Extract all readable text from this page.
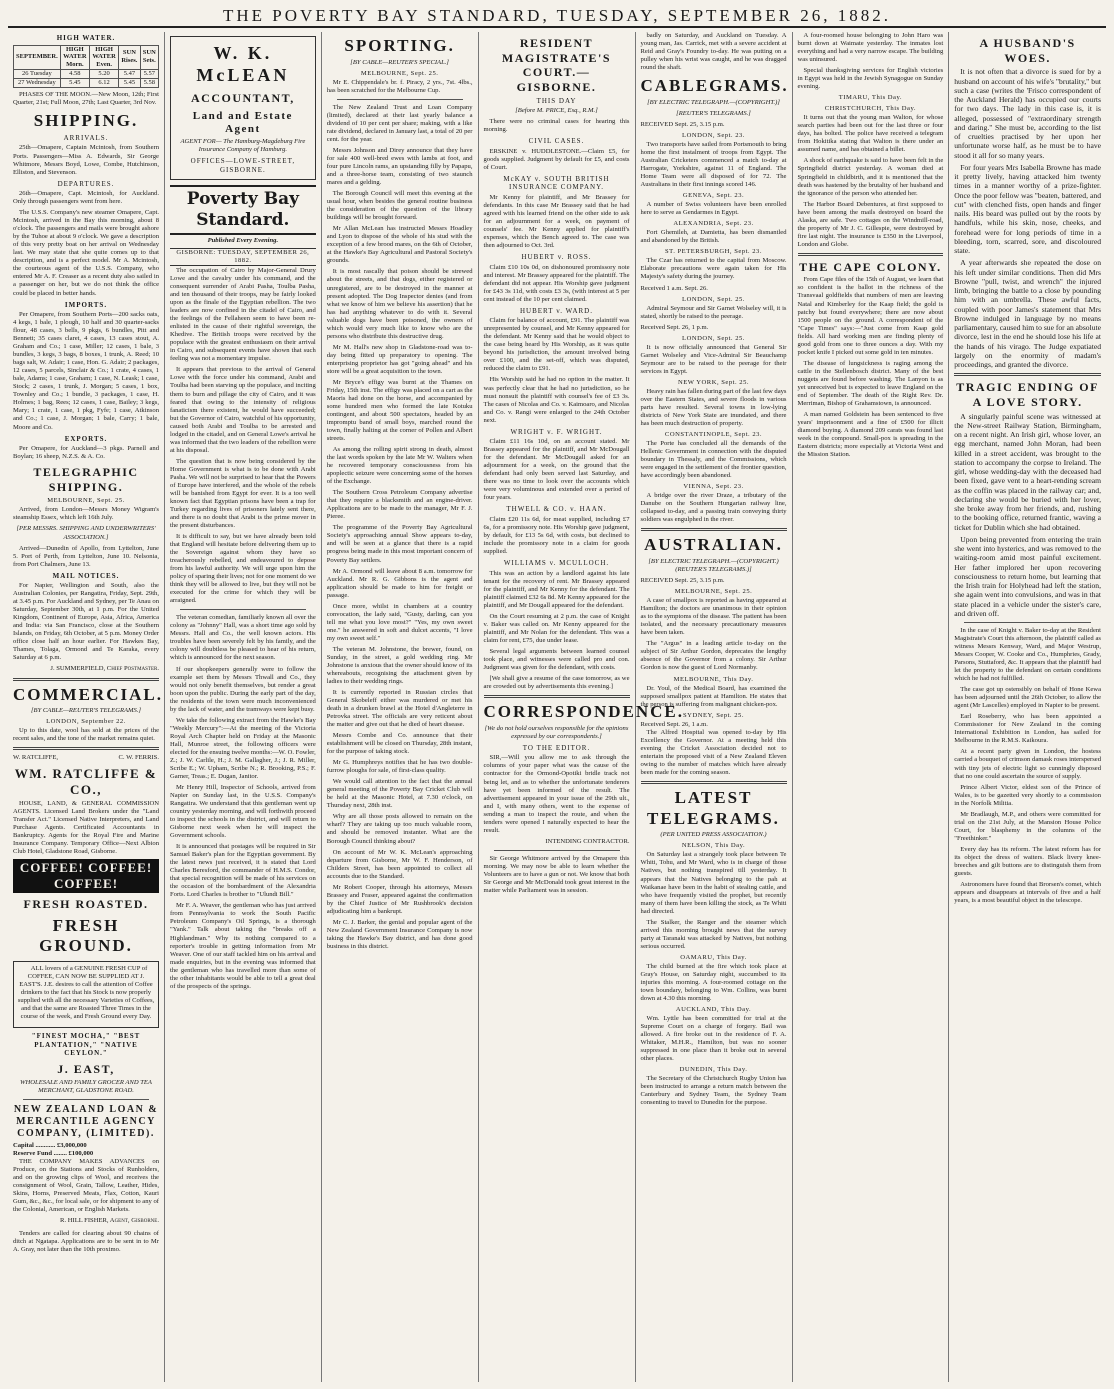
THE POVERTY BAY STANDARD, TUESDAY, SEPTEMBER 26, 1882.
HIGH WATER.
SEPTEMBER.	HIGH WATER Morn.	HIGH WATER Even.	SUN Rises.	SUN Sets.
26 Tuesday	4.58	5.20	5.47	5.57
27 Wednesday	5.45	6.12	5.45	5.58

PHASES OF THE MOON.—New Moon, 12th; First Quarter, 21st; Full Moon, 27th; Last Quarter, 3rd Nov.

SHIPPING.
ARRIVALS.

25th—Omapere, Captain Mcintosh, from Southern Ports. Passengers—Miss A. Edwards, Sir George Whitmore, Messrs Boyd, Lowe, Combe, Hutchinson, Elliston, and Stevenson.

DEPARTURES.

26th—Omapere, Capt. Mcintosh, for Auckland. Only through passengers went from here.

The U.S.S. Company's new steamer Omapere, Capt. Mcintosh, arrived in the Bay this morning, about 8 o'clock. The passengers and mails were brought ashore by the Tuhoe at about 9 o'clock. We gave a description of this very pretty boat on her arrival on Wednesday last. We may state that she quite comes up to that description, and is a perfect model. Mr A. Mcintosh, the courteous agent of the U.S.S. Company, who entered Mr A. F. Creaser as a recent duty also sailed in a passenger on her, but we do not think the office could be placed in better hands.

IMPORTS.

Per Omapere, from Southern Ports—200 sacks oats, 4 kegs, 1 bale, 1 plough, 10 half and 30 quarter-sacks flour, 48 cases, 3 bells, 9 pkgs, 6 bundles, Pitt and Bennett; 35 cases claret, 4 cases, 13 cases stout, A. Graham and Co.; 1 case, Miller; 12 cases, 1 bale, 3 bundles, 3 kegs, 3 bags, 8 boxes, 1 trunk, A. Reed; 10 bags salt, W. Adair; 1 case, Hon. G. Adair; 2 packages, 12 cases, 5 parcels, Sinclair & Co.; 1 crate, 4 cases, 1 bale, Adams; 1 case, Graham; 1 case, N. Leask; 1 case, Stock; 2 cases, 1 trunk, J. Morgan; 5 cases, 1 box, Townley and Co.; 1 bundle, 3 packages, 1 case, H. Holmes; 1 bag, Rees; 12 cases, 1 case, Bailey; 3 kegs, Mary; 1 crate, 1 case, 1 pkg, Fyfe; 1 case, Atkinson and Co.; 1 case, J. Morgan; 1 bale, Carry; 1 bale, Moore and Co.

EXPORTS.

Per Omapere, for Auckland—3 pkgs. Parnell and Boylan; 16 sheep, N.Z.S. & A. Co.

TELEGRAPHIC SHIPPING.
MELBOURNE, Sept. 25.

Arrived, from London—Messrs Money Wigram's steamship Essex, which left 16th July.

[PER MESSRS. SHIPPING AND UNDERWRITERS' ASSOCIATION.]

Arrived—Dunedin of Apollo, from Lyttelton, June 5. Port of Perth, from Lyttelton, June 10. Nelsonia, from Port Chalmers, June 13.

MAIL NOTICES.

For Napier, Wellington and South, also the Australian Colonies, per Rangatira, Friday, Sept. 29th, at 3.45 p.m. For Auckland and Sydney, per Te Anau on Saturday, September 30th, at 1 p.m. For the United Kingdom, Continent of Europe, Asia, Africa, America and India: via San Francisco, close at the Southern Islands, on Friday, 6th October, at 5 p.m. Money Order office close half an hour earlier. For Hawkes Bay, Thames, Tolaga, Ormond and Te Karaka, every Saturday at 6 p.m.

J. SUMMERFIELD, Chief Postmaster.
COMMERCIAL.
[BY CABLE—REUTER'S TELEGRAMS.]
LONDON, September 22.

Up to this date, wool has sold at the prices of the recent sales, and the tone of the market remains quiet.

W. RATCLIFFE,	C. W. FERRIS.
WM. RATCLIFFE & CO.,

HOUSE, LAND, & GENERAL COMMISSION AGENTS. Licensed Land Brokers under the "Land Transfer Act." Licensed Native Interpreters, and Land Purchase Agents. Certificated Accountants in Bankruptcy. Agents for the Royal Fire and Marine Insurance Company. Temporary Office—Next Albion Club Hotel, Gladstone Road, Gisborne.

COFFEE! COFFEE! COFFEE!
FRESH ROASTED.
FRESH GROUND.

ALL lovers of a GENUINE FRESH CUP of COFFEE, CAN NOW BE SUPPLIED AT J. EAST'S. J.E. desires to call the attention of Coffee drinkers to the fact that his Stock is now properly supplied with all the necessary Varieties of Coffees, and that the same are Roasted Three Times in the course of the week, and Fresh Ground every Day.

"FINEST MOCHA," "BEST PLANTATION," "NATIVE CEYLON."
J. EAST,
WHOLESALE AND FAMILY GROCER AND TEA MERCHANT, GLADSTONE ROAD.
NEW ZEALAND LOAN & MERCANTILE AGENCY COMPANY, (LIMITED).
Capital ............ £3,000,000
Reserve Fund ........ £100,000

THE COMPANY MAKES ADVANCES on Produce, on the Stations and Stocks of Runholders, and on the growing clips of Wool, and receives the consignment of Wool, Grain, Tallow, Leather, Hides, Skins, Horns, Preserved Meats, Flax, Cotton, Kauri Gum, &c., &c., for local sale, or for shipment to any of the Colonial, American, or English Markets.

R. HILL FISHER, Agent, Gisborne.

Tenders are called for clearing about 90 chains of ditch at Ngatapa. Applications are to be sent in to Mr A. Gray, not later than the 10th proximo.

W. K. McLEAN
ACCOUNTANT,
Land and Estate Agent
AGENT FOR— The Hamburg-Magdeburg Fire Insurance Company of Hamburg.
OFFICES—LOWE-STREET, GISBORNE.
Poverty Bay Standard.
Published Every Evening.
GISBORNE: TUESDAY, SEPTEMBER 26, 1882.

The occupation of Cairo by Major-General Drury Lowe and the cavalry under his command, and the consequent surrender of Arabi Pasha, Toulba Pasha, and ten thousand of their troops, may be fairly looked upon as the finale of the Egyptian rebellion. The two leaders are now confined in the citadel of Cairo, and the feelings of the Fellaheen seem to have been re-enlisted in the cause of their rightful sovereign, the Khedive. The British troops were received by the populace with the greatest enthusiasm on their arrival in Cairo, and subsequent events have shown that such feeling was not a momentary impulse.

It appears that previous to the arrival of General Lowe with the force under his command, Arabi and Toulba had been starving up the populace, and inciting them to burn and pillage the city of Cairo, and it was feared that owing to the intensity of religious fanaticism there existent, he would have succeeded; but the Governor of Cairo, watchful of his opportunity, caused both Arabi and Toulba to be arrested and lodged in the citadel, and on General Lowe's arrival he was informed that the two leaders of the rebellion were at his disposal.

The question that is now being considered by the Home Government is what is to be done with Arabi Pasha. We will not be surprised to hear that the Powers of Europe have interfered, and the whole of the rebels will be banished from Egypt for ever. It is a too well known fact that Egyptian prisons have been a trap for Turkey regarding lives of prisoners lately sent there, and there is no doubt that Arabi is the prime mover in the present disturbances.

It is difficult to say, but we have already been told that England will hesitate before delivering them up to the Sovereign against whom they have so treacherously rebelled, and endeavoured to depose from his lawful authority. We will urge upon him the policy of sparing their lives; not for one moment do we think they will be allowed to live, but they will not be executed for the crime for which they will be arraigned.

The veteran comedian, familiarly known all over the colony as "Johnny" Hall, was a short time ago sold by Messrs. Hall and Co., the well known actors. His troubles have been severely felt by his family, and the colony will doubtless be pleased to hear of his return, which is announced for the next season.

If our shopkeepers generally were to follow the example set them by Messrs Thwall and Co., they would not only benefit themselves, but render a great boon upon the public. During the early part of the day, the residents of the town were much inconvenienced by the lack of water, and the tramways were kept busy.

We take the following extract from the Hawke's Bay "Weekly Mercury":—At the meeting of the Victoria Royal Arch Chapter held on Friday at the Masonic Hall, Munroe street, the following officers were elected for the ensuing twelve months:—W. O. Fowler, Z.; J. W. Carlile, H.; J. M. Gallagher, J.; J. R. Miller, Scribe E.; W. Upham, Scribe N.; R. Brooking, P.S.; F. Garner, Treas.; E. Dugan, Janitor.

Mr Henry Hill, Inspector of Schools, arrived from Napier on Sunday last, in the U.S.S. Company's Rangatira. We understand that this gentleman went up country yesterday morning, and will forthwith proceed to inspect the schools in the district, and will return to Gisborne next week when he will inspect the Government schools.

It is announced that postages will be required in Sir Samuel Baker's plan for the Egyptian government. By the latest news just received, it is stated that Lord Charles Beresford, the commander of H.M.S. Condor, that special recognition will be made of his services on the occasion of the bombardment of the Alexandria Forts. Lord Charles is brother to "Ulundi Bill."

Mr F. A. Weaver, the gentleman who has just arrived from Pennsylvania to work the South Pacific Petroleum Company's Oil Springs, is a thorough "Yank." Talk about taking the "breaks off a Highlandman." Why its nothing compared to a reporter's trouble in getting information from Mr Weaver. One of our staff tackled him on his arrival and made enquiries, but in the evening was informed that the gentleman who has travelled more than some of the other inhabitants would be able to tell a great deal of the prospects of the springs.

SPORTING.
[BY CABLE—REUTER'S SPECIAL.]
MELBOURNE, Sept. 25.

Mr E. Chippendale's br. f. Piracy, 2 yrs., 7st. 4lbs., has been scratched for the Melbourne Cup.

The New Zealand Trust and Loan Company (limited), declared at their last yearly balance a dividend of 10 per cent per share; making, with a like rate dividend, declared in January last, a total of 20 per cent. for the year.

Messrs Johnson and Direy announce that they have for sale 400 well-bred ewes with lambs at foot, and four pure Lincoln rams, an upstanding filly by Papapu, and a three-horse team, consisting of two staunch mares and a gelding.

The Borough Council will meet this evening at the usual hour, when besides the general routine business the consideration of the question of the library buildings will be brought forward.

Mr Allan McLean has instructed Messrs Hoadley and Lyon to dispose of the whole of his stud with the exception of a few brood mares, on the 6th of October, at the Hawke's Bay Agricultural and Pastoral Society's grounds.

It is most rascally that poison should be strewed about the streets, and that dogs, either registered or unregistered, are to be destroyed in the manner at present adopted. The Dog Inspector denies (and from what we know of him we believe his assertion) that he has had anything whatever to do with it. Several valuable dogs have been poisoned, the owners of which would very much like to know who are the persons who distribute this destructive drug.

Mr M. Hall's new shop in Gladstone-road was to-day being fitted up preparatory to opening. The enterprising proprietor has got "going ahead" and his store will be a great acquisition to the town.

Mr Bryce's effigy was burnt at the Thames on Friday, 15th inst. The effigy was placed on a cart as the Maoris had done on the horse, and accompanied by some hundred men who formed the late Kotuku contingent, and about 500 spectators, headed by an impromptu band of small boys, marched round the town, finally halting at the corner of Pollen and Albert streets.

As among the rolling spirit strong in death, almost the last words spoken by the late Mr W. Walters when he recovered temporary consciousness from his apoplectic seizure were concerning some of the horses of the Exchange.

The Southern Cross Petroleum Company advertise that they require a blacksmith and an engine-driver. Applications are to be made to the manager, Mr F. J. Pieree.

The programme of the Poverty Bay Agricultural Society's approaching annual Show appears to-day, and will be seen at a glance that there is a rapid progress being made in this most important concern of Poverty Bay settlers.

Mr A. Ormond will leave about 8 a.m. tomorrow for Auckland. Mr R. G. Gibbons is the agent and application should be made to him for freight or passage.

Once more, whilst in chambers at a country convocation, the lady said, "Gusty, darling, can you tell me what you love most?" "Yes, my own sweet one." he answered in soft and dulcet accents, "I love my own sweet self."

The veteran M. Johnstone, the brewer, found, on Sunday, in the street, a gold wedding ring. Mr Johnstone is anxious that the owner should know of its whereabouts, recognising the attachment given by ladies to their wedding rings.

It is currently reported in Russian circles that General Skobeleff either was murdered or met his death in a drunken brawl at the Hotel d'Angleterre in Petrovka street. The officials are very reticent about the matter and give out that he died of heart disease.

Messrs Combe and Co. announce that their establishment will be closed on Thursday, 28th instant, for the purpose of taking stock.

Mr G. Humphreys notifies that he has two double-furrow ploughs for sale, of first-class quality.

We would call attention to the fact that the annual general meeting of the Poverty Bay Cricket Club will be held at the Masonic Hotel, at 7.30 o'clock, on Thursday next, 28th inst.

Why are all those posts allowed to remain on the wharf? They are taking up too much valuable room, and should be removed instanter. What are the Borough Council thinking about?

On account of Mr W. K. McLean's approaching departure from Gisborne, Mr W. F. Henderson, of Childers Street, has been appointed to collect all accounts due to the Standard.

Mr Robert Cooper, through his attorneys, Messrs Brassey and Fraser, appeared against the confirmation by the Chief Justice of Mr Rushbrook's decision adjudicating him a bankrupt.

Mr C. J. Barker, the genial and popular agent of the New Zealand Government Insurance Company is now taking the Hawke's Bay district, and has done good business in this district.

RESIDENT MAGISTRATE'S COURT.—GISBORNE.
THIS DAY
[Before M. PRICE, Esq., R.M.]

There were no criminal cases for hearing this morning.

CIVIL CASES.

ERSKINE v. HUDDLESTONE.—Claim £5, for goods supplied. Judgment by default for £5, and costs of Court.

McKAY v. SOUTH BRITISH INSURANCE COMPANY.

Mr Kenny for plaintiff, and Mr Brassey for defendants. In this case Mr Brassey said that he had agreed with his learned friend on the other side to ask for an adjournment for a week, on payment of counsels' fee. Mr Kenny applied for plaintiff's expenses, which the Bench agreed to. The case was then adjourned to Oct. 3rd.

HUBERT v. ROSS.

Claim £10 10s 0d, on dishonoured promissory note and interest. Mr Brassey appeared for the plaintiff. The defendant did not appear. His Worship gave judgment for £43 3s 11d, with costs £3 3s, (with interest at 5 per cent instead of the 10 per cent claimed.

HUBERT v. WARD.

Claim for balance of account, £91. The plaintiff was unrepresented by counsel, and Mr Kenny appeared for the defendant. Mr Kenny said that he would object to the case being heard by His Worship, as it was quite beyond his jurisdiction, the amount involved being over £100, and the set-off, which was disputed, reduced the claim to £91.

His Worship said he had no option in the matter. It was perfectly clear that he had no jurisdiction, so he must nonsuit the plaintiff with counsel's fee of £3 3s. The cases of Nicolas and Co. v. Kaimoaro, and Nicolas and Co. v. Rangi were enlarged to the 24th October next.

WRIGHT v. F. WRIGHT.

Claim £11 16s 10d, on an account stated. Mr Brassey appeared for the plaintiff, and Mr McDougall for the defendant. Mr McDougall asked for an adjournment for a week, on the ground that the defendant had only been served last Saturday, and there was no time to look over the accounts which were very voluminous and extended over a period of four years.

THWELL & CO. v. HAAN.

Claim £20 11s 6d, for meat supplied, including £7 6s, for a promissory note. His Worship gave judgment, by default, for £13 5s 6d, with costs, but declined to include the promissory note in a claim for goods supplied.

WILLIAMS v. MCULLOCH.

This was an action by a landlord against his late tenant for the recovery of rent. Mr Brassey appeared for the plaintiff, and Mr Kenny for the defendant. The plaintiff claimed £32 6s 8d. Mr Kenny appeared for the plaintiff, and Mr Dougall appeared for the defendant.

On the Court resuming at 2 p.m. the case of Knight v. Baker was called on. Mr Kenny appeared for the plaintiff, and Mr Nolan for the defendant. This was a claim for rent, £75, due under lease.

Several legal arguments between learned counsel took place, and witnesses were called pro and con. Judgment was given for the defendant, with costs.

[We shall give a resume of the case tomorrow, as we are crowded out by advertisements this evening.]

CORRESPONDENCE.
[We do not hold ourselves responsible for the opinions expressed by our correspondents.]
TO THE EDITOR.

SIR,—Will you allow me to ask through the columns of your paper what was the cause of the contractor for the Ormond-Opotiki bridle track not being let, and as to whether the unfortunate tenderers have yet been informed of the result. The advertisement appeared in your issue of the 29th ult., and I, with many others, went to the expense of sending a man to inspect the route, and when the tenders were opened I naturally expected to hear the result.

INTENDING CONTRACTOR.

Sir George Whitmore arrived by the Omapere this morning. We may now be able to learn whether the Volunteers are to have a gun or not. We know that both Sir George and Mr McDonald took great interest in the matter while Parliament was in session.

badly on Saturday, and Auckland on Tuesday. A young man, Jas. Carrick, met with a severe accident at Reid and Gray's Foundry to-day. He was putting on a pulley when his wrist was caught, and he was dragged round the shaft.

CABLEGRAMS.
[BY ELECTRIC TELEGRAPH.—(COPYRIGHT.)]
[REUTER'S TELEGRAMS.]
RECEIVED Sept. 25, 3.15 p.m.
LONDON, Sept. 23.

Two transports have sailed from Portsmouth to bring home the first instalment of troops from Egypt. The Australian Cricketers commenced a match to-day at Harrogate, Yorkshire, against 11 of England. The Home Team were all disposed of for 72. The Australians in their first innings scored 146.

GENEVA, Sept. 23.

A number of Swiss volunteers have been enrolled here to serve as Gendarmes in Egypt.

ALEXANDRIA, Sept. 23.

Fort Ghemileh, at Damietta, has been dismantled and abandoned by the British.

ST. PETERSBURGH, Sept. 23.

The Czar has returned to the capital from Moscow. Elaborate precautions were again taken for His Majesty's safety during the journey.

Received 1 a.m. Sept. 26.
LONDON, Sept. 25.

Admiral Seymour and Sir Garnet Wolseley will, it is stated, shortly be raised to the peerage.

Received Sept. 26, 1 p.m.
LONDON, Sept. 25.

It is now officially announced that General Sir Garnet Wolseley and Vice-Admiral Sir Beauchamp Seymour are to be raised to the peerage for their services in Egypt.

NEW YORK, Sept. 25.

Heavy rain has fallen during part of the last few days over the Eastern States, and severe floods in various parts have resulted. Several towns in low-lying districts of New York State are inundated, and there has been much destruction of property.

CONSTANTINOPLE, Sept. 23.

The Porte has concluded all the demands of the Hellenic Government in connection with the disputed boundary in Thessaly, and the Commissions, which were engaged in the settlement of the frontier question, have accordingly been abandoned.

VIENNA, Sept. 23.

A bridge over the river Draze, a tributary of the Danube on the Southern Hungarian railway line, collapsed to-day, and a passing train conveying thirty soldiers was engulphed in the river.

AUSTRALIAN.
[BY ELECTRIC TELEGRAPH.—(COPYRIGHT.) (REUTER'S TELEGRAMS.)]
RECEIVED Sept. 25, 3.15 p.m.
MELBOURNE, Sept. 25.

A case of smallpox is reported as having appeared at Hamilton; the doctors are unanimous in their opinion as to the symptoms of the disease. The patient has been isolated, and the necessary precautionary measures have been taken.

The "Argus" in a leading article to-day on the subject of Sir Arthur Gordon, deprecates the lengthy absence of the Governor from a colony. Sir Arthur Gordon is now the guest of Lord Normanby.

MELBOURNE, This Day.

Dr. Youl, of the Medical Board, has examined the supposed smallpox patient at Hamilton. He states that the person is suffering from malignant chicken-pox.

SYDNEY, Sept. 25.
Received Sept. 26, 1 a.m.

The Alfred Hospital was opened to-day by His Excellency the Governor. At a meeting held this evening the Cricket Association decided not to entertain the proposed visit of a New Zealand Eleven owing to the number of matches which have already been made for the coming season.

LATEST TELEGRAMS.
(PER UNITED PRESS ASSOCIATION.)
NELSON, This Day.

On Saturday last a strangely took place between Te Whiti, Tohu, and Mr Ward, who is in charge of those Natives, but nothing transpired till yesterday. It appears that the Natives belonging to the pah at Waikanae have been in the habit of stealing cattle, and who have frequently visited the prophet, but recently many of them have been killing the stock, as Te Whiti had directed.

The Stalker, the Ranger and the steamer which arrived this morning brought news that the survey party at Taranaki was attacked by Natives, but nothing serious occurred.

OAMARU, This Day.

The child burned at the fire which took place at Gray's House, on Saturday night, succumbed to its injuries this morning. A four-roomed cottage on the town boundary, belonging to Wm. Collins, was burnt down at 4.30 this morning.

AUCKLAND, This Day.

Wm. Lyttle has been committed for trial at the Supreme Court on a charge of forgery. Bail was allowed. A fire broke out in the residence of F. A. Whitaker, M.H.R., Hamilton, but was no sooner suppressed in one place than it broke out in several other places.

DUNEDIN, This Day.

The Secretary of the Christchurch Rugby Union has been instructed to arrange a return match between the Canterbury and Sydney Team, the Sydney Team consenting to travel to Dunedin for the purpose.

A four-roomed house belonging to John Haro was burnt down at Waimate yesterday. The inmates lost everything and had a very narrow escape. The building was uninsured.

Special thanksgiving services for English victories in Egypt was held in the Jewish Synagogue on Sunday evening.

TIMARU, This Day.
CHRISTCHURCH, This Day.

It turns out that the young man Walton, for whose search parties had been out for the last three or four days, has bolted. The police have received a telegram from Hokitika stating that Walton is there under an assumed name, and has obtained a billet.

A shock of earthquake is said to have been felt in the Springfield district yesterday. A woman died at Springfield in childbirth, and it is mentioned that the death was hastened by the brutality of her husband and the ignorance of the person who attended her.

The Harbor Board Debentures, at first supposed to have been among the mails destroyed on board the Alaska, are safe. Two cottages on the Windmill-road, the property of Mr J. C. Gillespie, were destroyed by fire last night. The insurance is £350 in the Liverpool, London and Globe.

THE CAPE COLONY.

From Cape files of the 15th of August, we learn that so confident is the ballot in the richness of the Transvaal goldfields that numbers of men are leaving Natal and Kimberley for the Kaap field; the gold is patchy but found everywhere; there are now about 1500 people on the ground. A correspondent of the "Cape Times" says:—"Just come from Kaap gold fields. All hard working men are finding plenty of good gold from one to three ounces a day. With my pocket knife I picked out some gold in ten minutes.

The disease of lungsickness is raging among the cattle in the Stellenbosch district. Many of the best nuggets are found before washing. The Lanyon is as yet unreceived but is expected to leave England on the end of September. The death of the Right Rev. Dr. Merriman, Bishop of Grahamstown, is announced.

A man named Goldstein has been sentenced to five years' imprisonment and a fine of £500 for illicit diamond buying. A diamond 209 carats was found last week in the compound. Small-pox is spreading in the Eastern districts; more especially at Victoria West and the Mission Station.

A HUSBAND'S WOES.

It is not often that a divorce is sued for by a husband on account of his wife's "brutality," but such a case (writes the 'Frisco correspondent of the Auckland Herald) has occupied our courts for two days. The lady in this case is, it is alleged, possessed of "extraordinary strength and daring." She must be, according to the list of cruelties practised by her upon her unfortunate worse half, as he must be to have stood it all for so many years.

For four years Mrs Isabella Browne has made it pretty lively, having attacked him twenty times in a manner worthy of a prize-fighter. Once the poor fellow was "beaten, battered, and cut" with clenched fists, open hands and finger nails. His beard was pulled out by the roots by handfuls, while his skin, nose, cheeks, and forehead were for long periods of time in a bleeding, torn, scarred, sore, and discoloured state.

A year afterwards she repeated the dose on his left under similar conditions. Then did Mrs Browne "pull, twist, and wrench" the injured limb, bringing the battle to a close by pounding him with an umbrella. These awful facts, coupled with poor James's statement that Mrs Browne indulged in language by no means parliamentary, caused him to sue for an absolute divorce, lest in the end he should lose his life at the hands of his virago. The Judge expatiated largely on the enormity of madam's proceedings, and granted the divorce.

TRAGIC ENDING OF A LOVE STORY.

A singularly painful scene was witnessed at the New-street Railway Station, Birmingham, on a recent night. An Irish girl, whose lover, an egg merchant, named John Moran, had been killed in a street accident, was brought to the station to accompany the corpse to Ireland. The girl, whose wedding-day with the deceased had been fixed, gave vent to a heart-rending scream as the coffin was placed in the railway car; and, declaring she would be buried with her lover, she broke away from her friends, and, rushing to the booking office, returned frantic, waving a ticket for Dublin which she had obtained.

Upon being prevented from entering the train she went into hysterics, and was removed to the waiting-room amid most painful excitement. Her father implored her upon recovering consciousness to return home, but learning that the Irish train for Holyhead had left the station, she again went into convulsions, and was in that state placed in a vehicle under the sister's care, and driven off.

In the case of Knight v. Baker to-day at the Resident Magistrate's Court this afternoon, the plaintiff called as witness Messrs Kenway, Ward, and Major Westrup, Messrs Cooper, W. Cooke and Co., Humphries, Grady, Parsons, Stuttaford, &c. It appears that the plaintiff had let the property to the defendant on certain conditions which he had not fulfilled.

The case got up ostensibly on behalf of Hone Kewa has been adjourned until the 26th October, to allow the agent (Mr Lascelles) employed in Napier to be present.

Earl Roseberry, who has been appointed a Commissioner for New Zealand in the coming International Exhibition in London, has sailed for Melbourne in the R.M.S. Kaikoura.

At a recent party given in London, the hostess carried a bouquet of crimson damask roses interspersed with tiny jets of electric light so cunningly disposed that no one could ascertain the source of supply.

Prince Albert Victor, eldest son of the Prince of Wales, is to be gazetted very shortly to a commission in the Norfolk Militia.

Mr Bradlaugh, M.P., and others were committed for trial on the 21st July, at the Mansion House Police Court, for blasphemy in the columns of the "Freethinker."

Every day has its reform. The latest reform has for its object the dress of waiters. Black livery knee-breeches and gilt buttons are to distinguish them from guests.

Astronomers have found that Brorsen's comet, which appears and disappears at intervals of five and a half years, is a most beautiful object in the telescope.
